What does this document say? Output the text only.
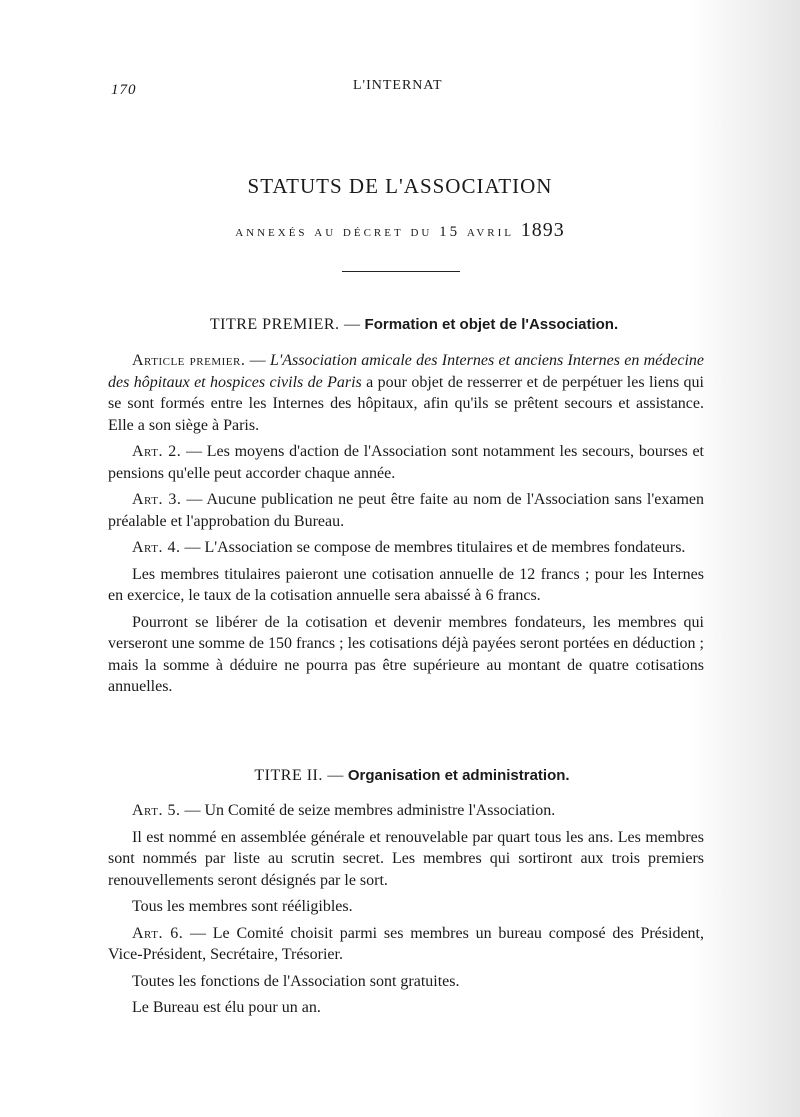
170	L'INTERNAT
STATUTS DE L'ASSOCIATION
annexés au décret du 15 avril 1893
TITRE PREMIER. — Formation et objet de l'Association.

Article premier. — L'Association amicale des Internes et anciens Internes en médecine des hôpitaux et hospices civils de Paris a pour objet de resserrer et de perpétuer les liens qui se sont formés entre les Internes des hôpitaux, afin qu'ils se prêtent secours et assistance. Elle a son siège à Paris.

Art. 2. — Les moyens d'action de l'Association sont notamment les secours, bourses et pensions qu'elle peut accorder chaque année.

Art. 3. — Aucune publication ne peut être faite au nom de l'Association sans l'examen préalable et l'approbation du Bureau.

Art. 4. — L'Association se compose de membres titulaires et de membres fondateurs.

Les membres titulaires paieront une cotisation annuelle de 12 francs ; pour les Internes en exercice, le taux de la cotisation annuelle sera abaissé à 6 francs.

Pourront se libérer de la cotisation et devenir membres fondateurs, les membres qui verseront une somme de 150 francs ; les cotisations déjà payées seront portées en déduction ; mais la somme à déduire ne pourra pas être supérieure au montant de quatre cotisations annuelles.

TITRE II. — Organisation et administration.

Art. 5. — Un Comité de seize membres administre l'Association.

Il est nommé en assemblée générale et renouvelable par quart tous les ans. Les membres sont nommés par liste au scrutin secret. Les membres qui sortiront aux trois premiers renouvellements seront désignés par le sort.

Tous les membres sont rééligibles.

Art. 6. — Le Comité choisit parmi ses membres un bureau composé des Président, Vice-Président, Secrétaire, Trésorier.

Toutes les fonctions de l'Association sont gratuites.

Le Bureau est élu pour un an.
